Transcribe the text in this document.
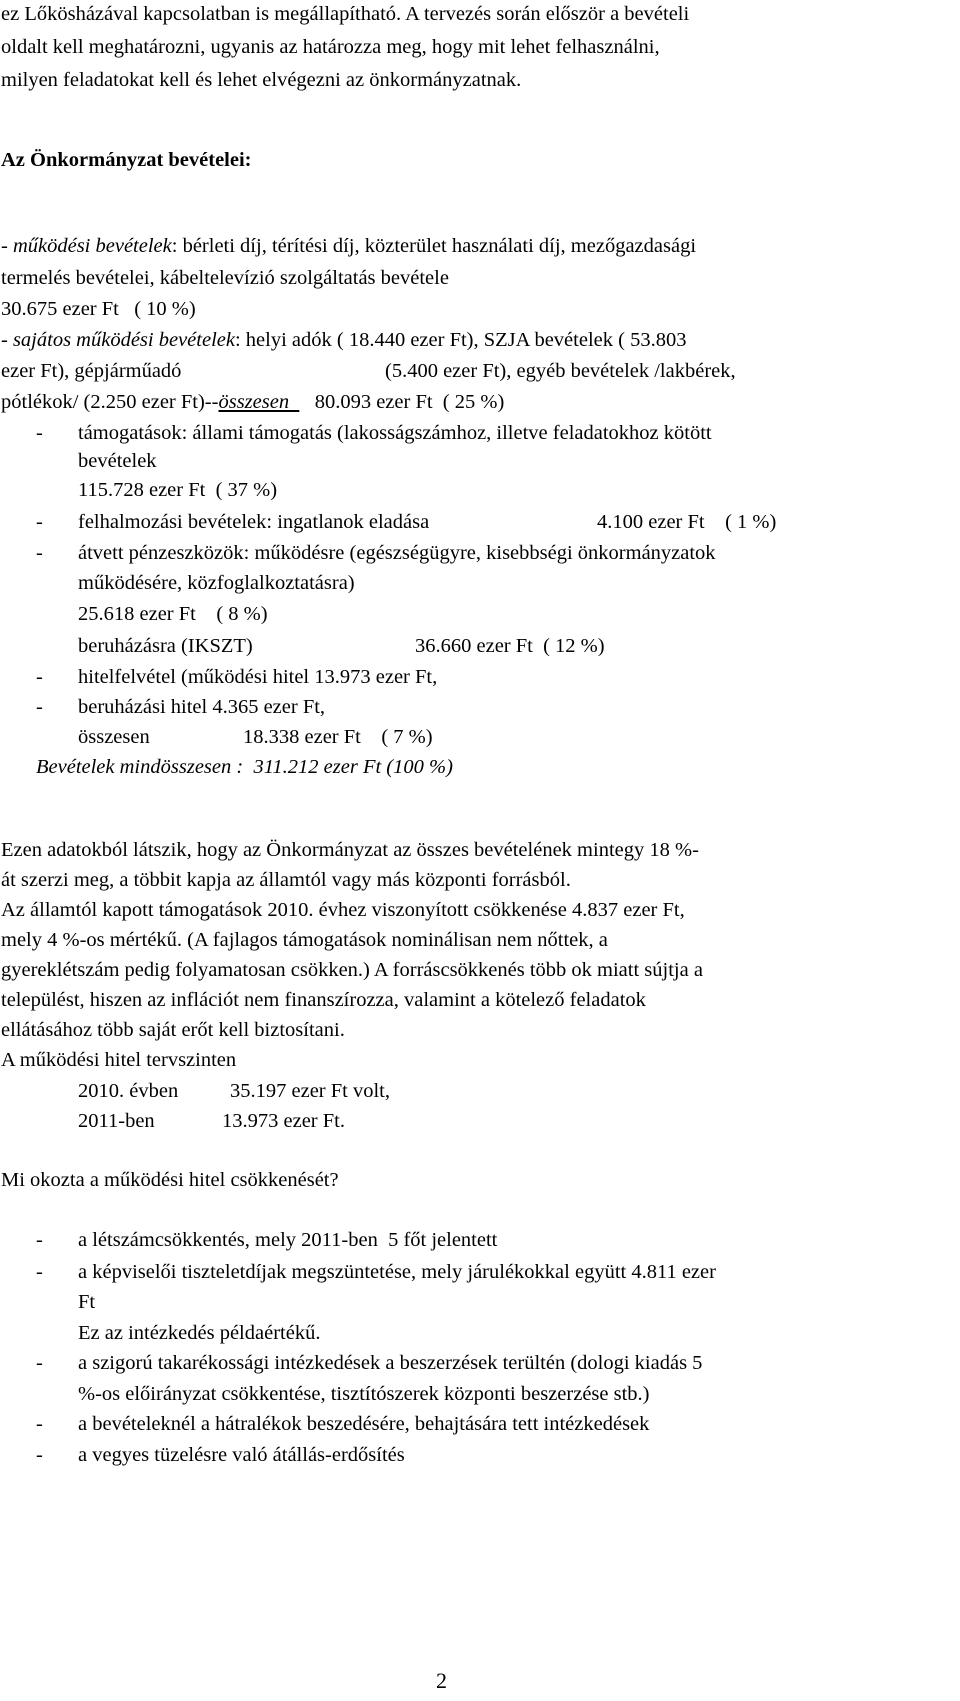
ez Lőkösházával kapcsolatban is megállapítható. A tervezés során először a bevételi
oldalt kell meghatározni, ugyanis az határozza meg, hogy mit lehet felhasználni,
milyen feladatokat kell és lehet elvégezni az önkormányzatnak.
Az Önkormányzat bevételei:
- működési bevételek: bérleti díj, térítési díj, közterület használati díj, mezőgazdasági
termelés bevételei, kábeltelevízió szolgáltatás bevétele
30.675 ezer Ft   ( 10 %)
- sajátos működési bevételek: helyi adók ( 18.440 ezer Ft), SZJA bevételek ( 53.803
ezer Ft), gépjárműadó	(5.400 ezer Ft), egyéb bevételek /lakbérek,
pótlékok/ (2.250 ezer Ft)--összesen     80.093 ezer Ft  ( 25 %)
- támogatások: állami támogatás (lakosságszámhoz, illetve feladatokhoz kötött
bevételek
115.728 ezer Ft  ( 37 %)
- felhalmozási bevételek: ingatlanok eladása	4.100 ezer Ft    ( 1 %)
- átvett pénzeszközök: működésre (egészségügyre, kisebbségi önkormányzatok
működésére, közfoglalkoztatásra)
25.618 ezer Ft    ( 8 %)
beruházásra (IKSZT)	36.660 ezer Ft  ( 12 %)
- hitelfelvétel (működési hitel 13.973 ezer Ft,
- beruházási hitel 4.365 ezer Ft,
összesen	18.338 ezer Ft    ( 7 %)
Bevételek mindösszesen :  311.212 ezer Ft (100 %)
Ezen adatokból látszik, hogy az Önkormányzat az összes bevételének mintegy 18 %-
át szerzi meg, a többit kapja az államtól vagy más központi forrásból.
Az államtól kapott támogatások 2010. évhez viszonyított csökkenése 4.837 ezer Ft,
mely 4 %-os mértékű. (A fajlagos támogatások nominálisan nem nőttek, a
gyereklétszám pedig folyamatosan csökken.) A forráscsökkenés több ok miatt sújtja a
települést, hiszen az inflációt nem finanszírozza, valamint a kötelező feladatok
ellátásához több saját erőt kell biztosítani.
A működési hitel tervszinten
2010. évben	35.197 ezer Ft volt,
2011-ben	13.973 ezer Ft.
Mi okozta a működési hitel csökkenését?
- a létszámcsökkentés, mely 2011-ben  5 főt jelentett
- a képviselői tiszteletdíjak megszüntetése, mely járulékokkal együtt 4.811 ezer
Ft
Ez az intézkedés példaértékű.
- a szigorú takarékossági intézkedések a beszerzések terültén (dologi kiadás 5
%-os előirányzat csökkentése, tisztítószerek központi beszerzése stb.)
- a bevételeknél a hátralékok beszedésére, behajtására tett intézkedések
- a vegyes tüzelésre való átállás-erdősítés
2
